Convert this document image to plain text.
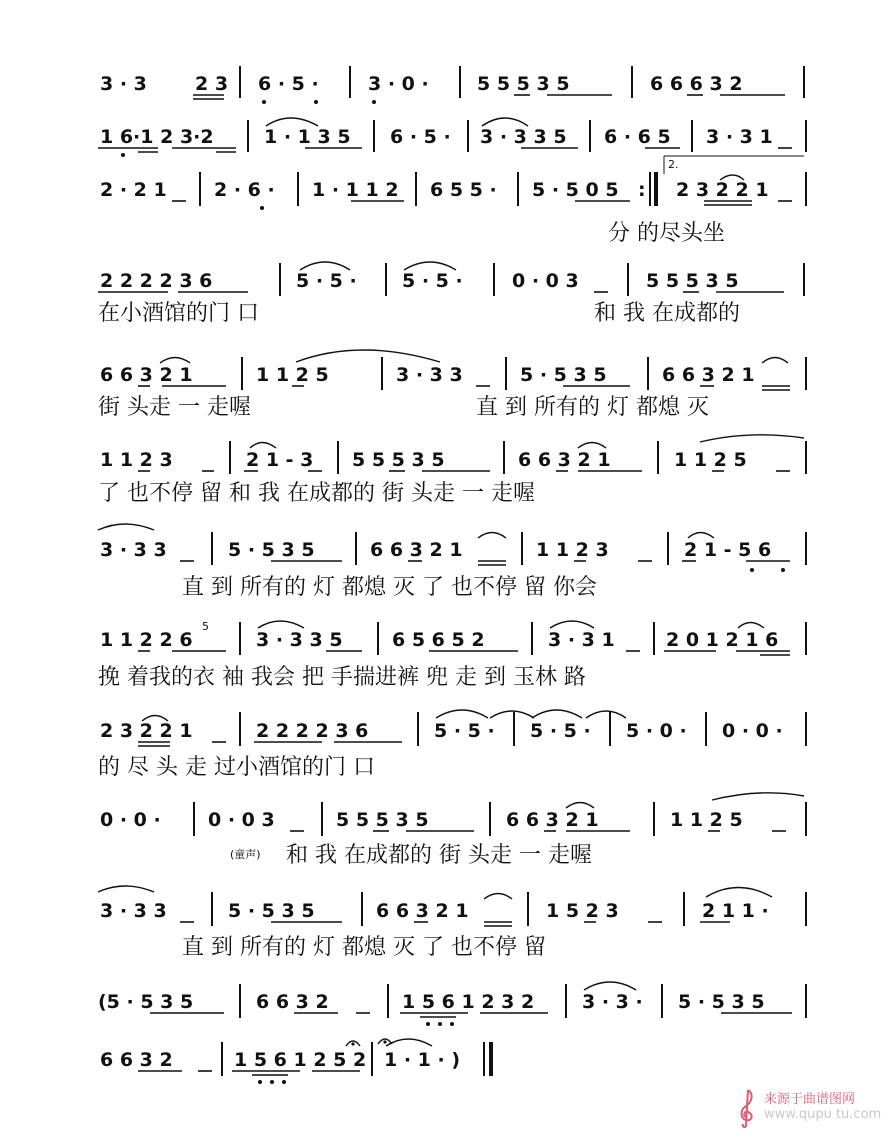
3 · 3	2 3 6 · 5 ·	3 · 0 ·	5 5 5 3 5	6 6 6 3 2
1 6·1 2 3·2	1 · 1 3 5 6 · 5 · 3 · 3 3 5 6 · 6 5 3 · 3 1
2 · 2 1 2 · 6 · 1 · 1 1 2 6 5 5 · 5 · 5 0 5 :
2.
2 3 2 2 1
分 的尽头坐
2 2 2 2 3 6	5 · 5 · 5 · 5 ·	0 · 0 3	5 5 5 3 5
在小酒馆的门 口	和 我 在成都的
6 6 3 2 1	1 1 2 5	3 · 3 3	5 · 5 3 5	6 6 3 2 1
街 头走 一 走喔	直 到 所有的 灯 都熄 灭
1 1 2 3	2 1 - 3 5 5 5 3 5	6 6 3 2 1	1 1 2 5
了 也不停 留 和 我 在成都的 街 头走 一 走喔
3 · 3 3	5 · 5 3 5	6 6 3 2 1	1 1 2 3	2 1 - 5 6
直 到 所有的 灯 都熄 灭 了 也不停 留 你会
1 1 2 2 6
5
3 · 3 3 5	6 5 6 5 2	3 · 3 1	2 0 1 2 1 6
挽 着我的衣 袖 我会 把 手揣进裤 兜 走 到 玉林 路
2 3 2 2 1	2 2 2 2 3 6	5 · 5 · 5 · 5 · 5 · 0 · 0 · 0 ·
的 尽 头 走 过小酒馆的门 口
0 · 0 · 0 · 0 3	5 5 5 3 5	6 6 3 2 1	1 1 2 5
(童声) 和 我 在成都的 街 头走 一 走喔
3 · 3 3	5 · 5 3 5	6 6 3 2 1	1 5 2 3	2 1 1 ·
直 到 所有的 灯 都熄 灭 了 也不停 留
(5 · 5 3 5	6 6 3 2	1 5 6 1 2 3 2	3 · 3 · 5 · 5 3 5
6 6 3 2	1 5 6 1 2 5 2 1 · 1 · )
来源于曲谱图网
www.qupu tu.com
